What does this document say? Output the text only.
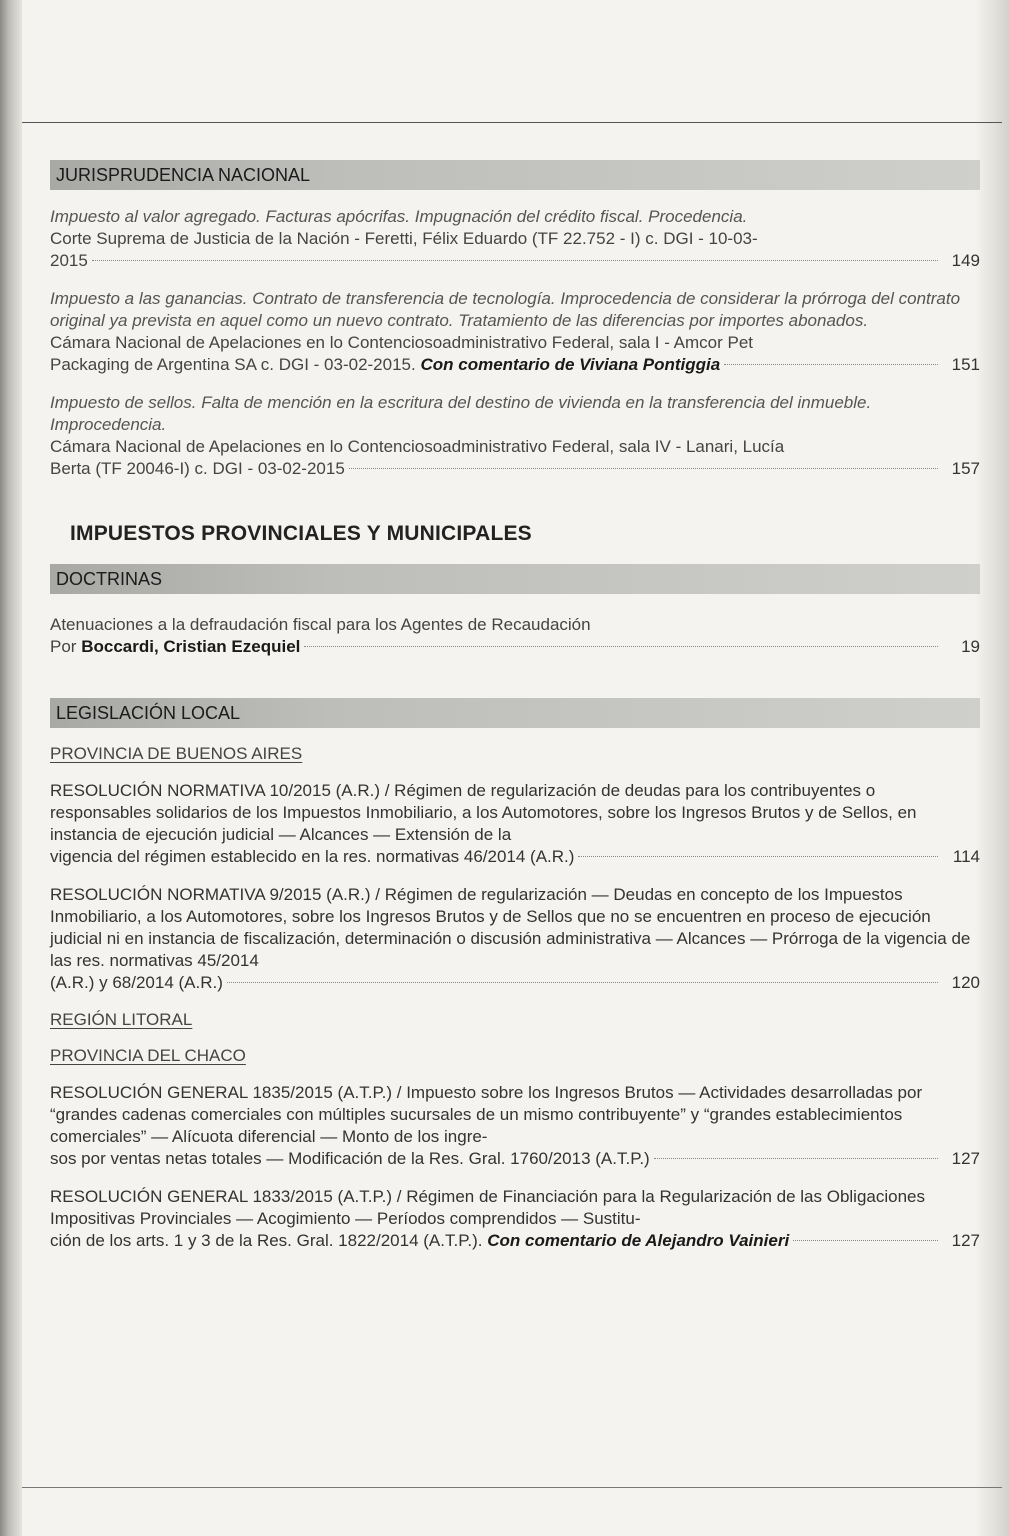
JURISPRUDENCIA NACIONAL
Impuesto al valor agregado. Facturas apócrifas. Impugnación del crédito fiscal. Procedencia.
Corte Suprema de Justicia de la Nación - Feretti, Félix Eduardo (TF 22.752 - I) c. DGI - 10-03-
2015	149
Impuesto a las ganancias. Contrato de transferencia de tecnología. Improcedencia de considerar la prórroga del contrato original ya prevista en aquel como un nuevo contrato. Tratamiento de las diferencias por importes abonados.
Cámara Nacional de Apelaciones en lo Contenciosoadministrativo Federal, sala I - Amcor Pet
Packaging de Argentina SA c. DGI - 03-02-2015.
Con comentario de Viviana Pontiggia	151
Impuesto de sellos. Falta de mención en la escritura del destino de vivienda en la transferencia del inmueble. Improcedencia.
Cámara Nacional de Apelaciones en lo Contenciosoadministrativo Federal, sala IV - Lanari, Lucía
Berta (TF 20046-I) c. DGI - 03-02-2015	157
IMPUESTOS PROVINCIALES Y MUNICIPALES
DOCTRINAS
Atenuaciones a la defraudación fiscal para los Agentes de Recaudación
Por
Boccardi, Cristian Ezequiel	19
LEGISLACIÓN LOCAL
PROVINCIA DE BUENOS AIRES
RESOLUCIÓN NORMATIVA 10/2015 (A.R.) / Régimen de regularización de deudas para los contribuyentes o responsables solidarios de los Impuestos Inmobiliario, a los Automotores, sobre los Ingresos Brutos y de Sellos, en instancia de ejecución judicial — Alcances — Extensión de la
vigencia del régimen establecido en la res. normativas 46/2014 (A.R.)	114
RESOLUCIÓN NORMATIVA 9/2015 (A.R.) / Régimen de regularización — Deudas en concepto de los Impuestos Inmobiliario, a los Automotores, sobre los Ingresos Brutos y de Sellos que no se encuentren en proceso de ejecución judicial ni en instancia de fiscalización, determinación o discusión administrativa — Alcances — Prórroga de la vigencia de las res. normativas 45/2014
(A.R.) y 68/2014 (A.R.)	120
REGIÓN LITORAL
PROVINCIA DEL CHACO
RESOLUCIÓN GENERAL 1835/2015 (A.T.P.) / Impuesto sobre los Ingresos Brutos — Actividades desarrolladas por “grandes cadenas comerciales con múltiples sucursales de un mismo contribuyente” y “grandes establecimientos comerciales” — Alícuota diferencial — Monto de los ingre-
sos por ventas netas totales — Modificación de la Res. Gral. 1760/2013 (A.T.P.)	127
RESOLUCIÓN GENERAL 1833/2015 (A.T.P.) / Régimen de Financiación para la Regularización de las Obligaciones Impositivas Provinciales — Acogimiento — Períodos comprendidos — Sustitu-
ción de los arts. 1 y 3 de la Res. Gral. 1822/2014 (A.T.P.).
Con comentario de Alejandro Vainieri	127
